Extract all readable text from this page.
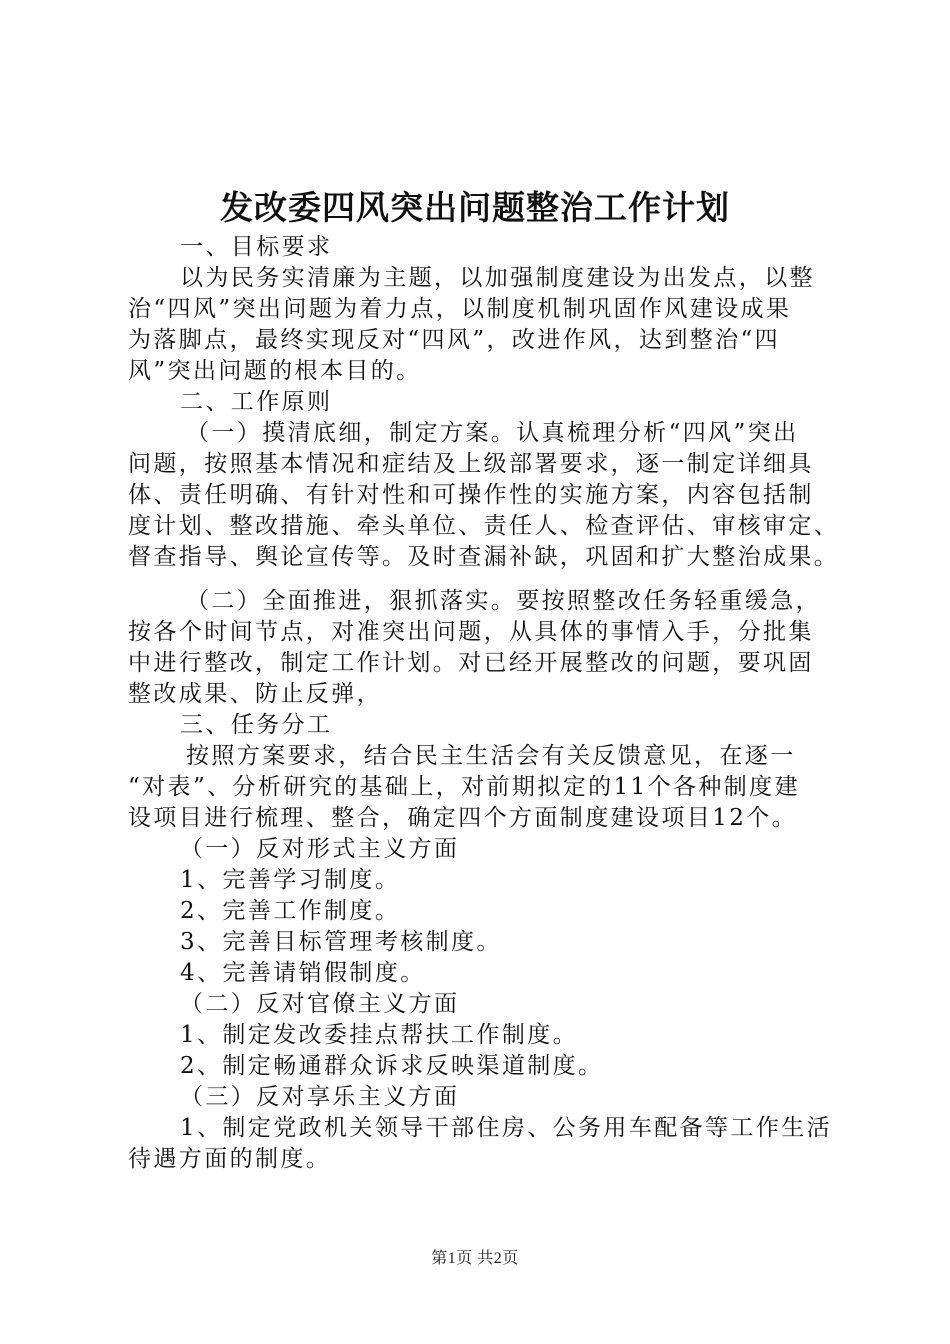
发改委四风突出问题整治工作计划
一、目标要求
以为民务实清廉为主题，以加强制度建设为出发点，以整
治“四风”突出问题为着力点，以制度机制巩固作风建设成果
为落脚点，最终实现反对“四风”，改进作风，达到整治“四
风”突出问题的根本目的。
二、工作原则
（一）摸清底细，制定方案。认真梳理分析“四风”突出
问题，按照基本情况和症结及上级部署要求，逐一制定详细具
体、责任明确、有针对性和可操作性的实施方案，内容包括制
度计划、整改措施、牵头单位、责任人、检查评估、审核审定、
督查指导、舆论宣传等。及时查漏补缺，巩固和扩大整治成果。
（二）全面推进，狠抓落实。要按照整改任务轻重缓急，
按各个时间节点，对准突出问题，从具体的事情入手，分批集
中进行整改，制定工作计划。对已经开展整改的问题，要巩固
整改成果、防止反弹，
三、任务分工
按照方案要求，结合民主生活会有关反馈意见，在逐一
“对表”、分析研究的基础上，对前期拟定的11个各种制度建
设项目进行梳理、整合，确定四个方面制度建设项目12个。
（一）反对形式主义方面
1、完善学习制度。
2、完善工作制度。
3、完善目标管理考核制度。
4、完善请销假制度。
（二）反对官僚主义方面
1、制定发改委挂点帮扶工作制度。
2、制定畅通群众诉求反映渠道制度。
（三）反对享乐主义方面
1、制定党政机关领导干部住房、公务用车配备等工作生活
待遇方面的制度。
第1页 共2页
